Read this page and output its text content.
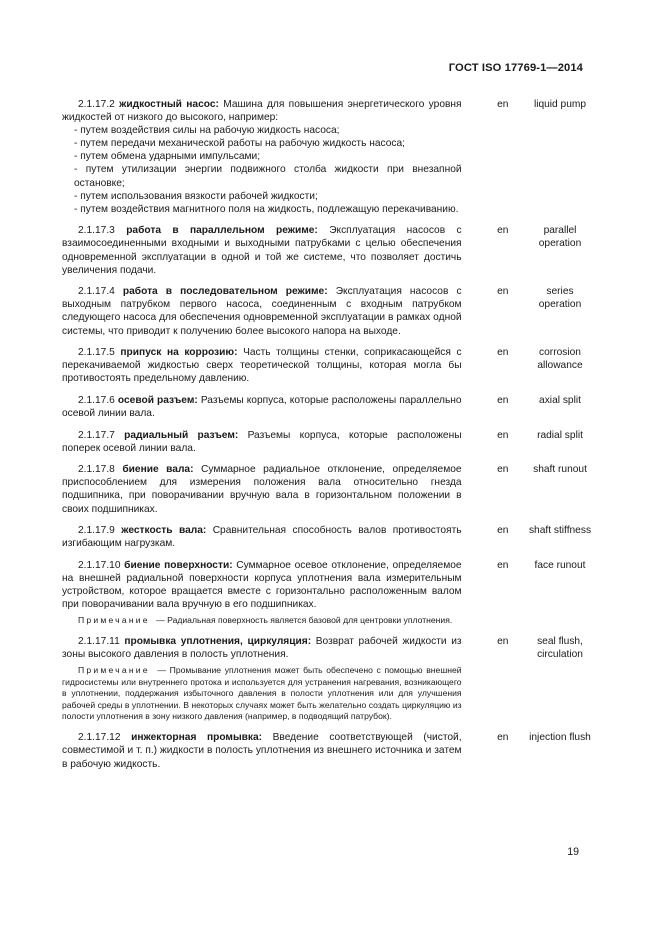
ГОСТ ISO 17769-1—2014

2.1.17.2 жидкостный насос: Машина для повышения энергетического уровня жидкостей от низкого до высокого, например:

- путем воздействия силы на рабочую жидкость насоса;

- путем передачи механической работы на рабочую жидкость насоса;

- путем обмена ударными импульсами;

- путем утилизации энергии подвижного столба жидкости при внезапной остановке;

- путем использования вязкости рабочей жидкости;

- путем воздействия магнитного поля на жидкость, подлежащую перекачиванию.

en	liquid pump

2.1.17.3 работа в параллельном режиме: Эксплуатация насосов с взаимосоединенными входными и выходными патрубками с целью обеспечения одновременной эксплуатации в одной и той же системе, что позволяет достичь увеличения подачи.

en	parallel operation

2.1.17.4 работа в последовательном режиме: Эксплуатация насосов с выходным патрубком первого насоса, соединенным с входным патрубком следующего насоса для обеспечения одновременной эксплуатации в рамках одной системы, что приводит к получению более высокого напора на выходе.

en	series operation

2.1.17.5 припуск на коррозию: Часть толщины стенки, соприкасающейся с перекачиваемой жидкостью сверх теоретической толщины, которая могла бы противостоять предельному давлению.

en	corrosion allowance

2.1.17.6 осевой разъем: Разъемы корпуса, которые расположены параллельно осевой линии вала.

en	axial split

2.1.17.7 радиальный разъем: Разъемы корпуса, которые расположены поперек осевой линии вала.

en	radial split

2.1.17.8 биение вала: Суммарное радиальное отклонение, определяемое приспособлением для измерения положения вала относительно гнезда подшипника, при поворачивании вручную вала в горизонтальном положении в своих подшипниках.

en	shaft runout

2.1.17.9 жесткость вала: Сравнительная способность валов противостоять изгибающим нагрузкам.

en	shaft stiffness

2.1.17.10 биение поверхности: Суммарное осевое отклонение, определяемое на внешней радиальной поверхности корпуса уплотнения вала измерительным устройством, которое вращается вместе с горизонтально расположенным валом при поворачивании вала вручную в его подшипниках.

Примечание — Радиальная поверхность является базовой для центровки уплотнения.

en	face runout

2.1.17.11 промывка уплотнения, циркуляция: Возврат рабочей жидкости из зоны высокого давления в полость уплотнения.

Примечание — Промывание уплотнения может быть обеспечено с помощью внешней гидросистемы или внутреннего протока и используется для устранения нагревания, возникающего в уплотнении, поддержания избыточного давления в полости уплотнения или для улучшения рабочей среды в уплотнении. В некоторых случаях может быть желательно создать циркуляцию из полости уплотнения в зону низкого давления (например, в подводящий патрубок).

en	seal flush, circulation

2.1.17.12 инжекторная промывка: Введение соответствующей (чистой, совместимой и т. п.) жидкости в полость уплотнения из внешнего источника и затем в рабочую жидкость.

en	injection flush
19
